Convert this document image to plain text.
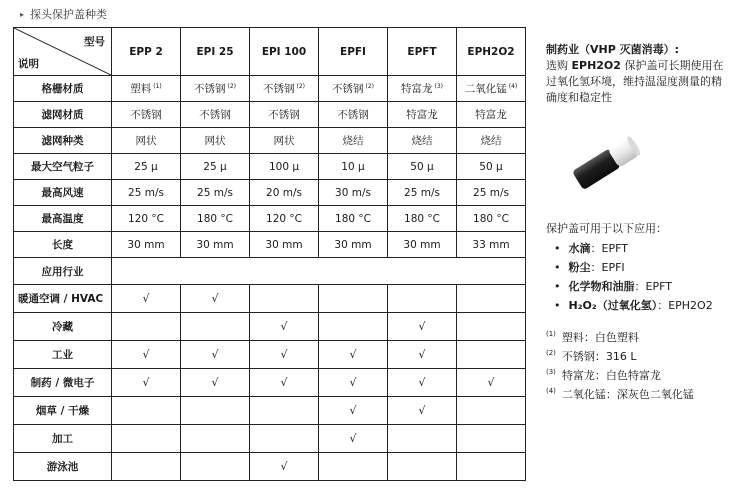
▸ 探头保护盖种类
型号
说明	EPP 2	EPI 25	EPI 100	EPFI	EPFT	EPH2O2
格栅材质	塑料 $^{(1)}$	不锈钢 $^{(2)}$	不锈钢 $^{(2)}$	不锈钢 $^{(2)}$	特富龙 $^{(3)}$	二氧化锰 $^{(4)}$
滤网材质	不锈钢	不锈钢	不锈钢	不锈钢	特富龙	特富龙
滤网种类	网状	网状	网状	烧结	烧结	烧结
最大空气粒子	25 µ	25 µ	100 µ	10 µ	50 µ	50 µ
最高风速	25 m/s	25 m/s	20 m/s	30 m/s	25 m/s	25 m/s
最高温度	120 °C	180 °C	120 °C	180 °C	180 °C	180 °C
长度	30 mm	30 mm	30 mm	30 mm	30 mm	33 mm
应用行业						
暖通空调 / HVAC	√	√				
冷藏			√		√	
工业	√	√	√	√	√	
制药 / 微电子	√	√	√	√	√	√
烟草 / 干燥				√	√	
加工				√		
游泳池			√			
制药业（VHP 灭菌消毒）:
选购 EPH2O2 保护盖可长期使用在过氧化氢环境，维持温湿度测量的精确度和稳定性
保护盖可用于以下应用：
• 水滴：EPFT
• 粉尘：EPFI
• 化学物和油脂：EPFT
• H₂O₂（过氧化氢）：EPH2O2
(1) 塑料：白色塑料
(2) 不锈钢：316 L
(3) 特富龙：白色特富龙
(4) 二氧化锰：深灰色二氧化锰
